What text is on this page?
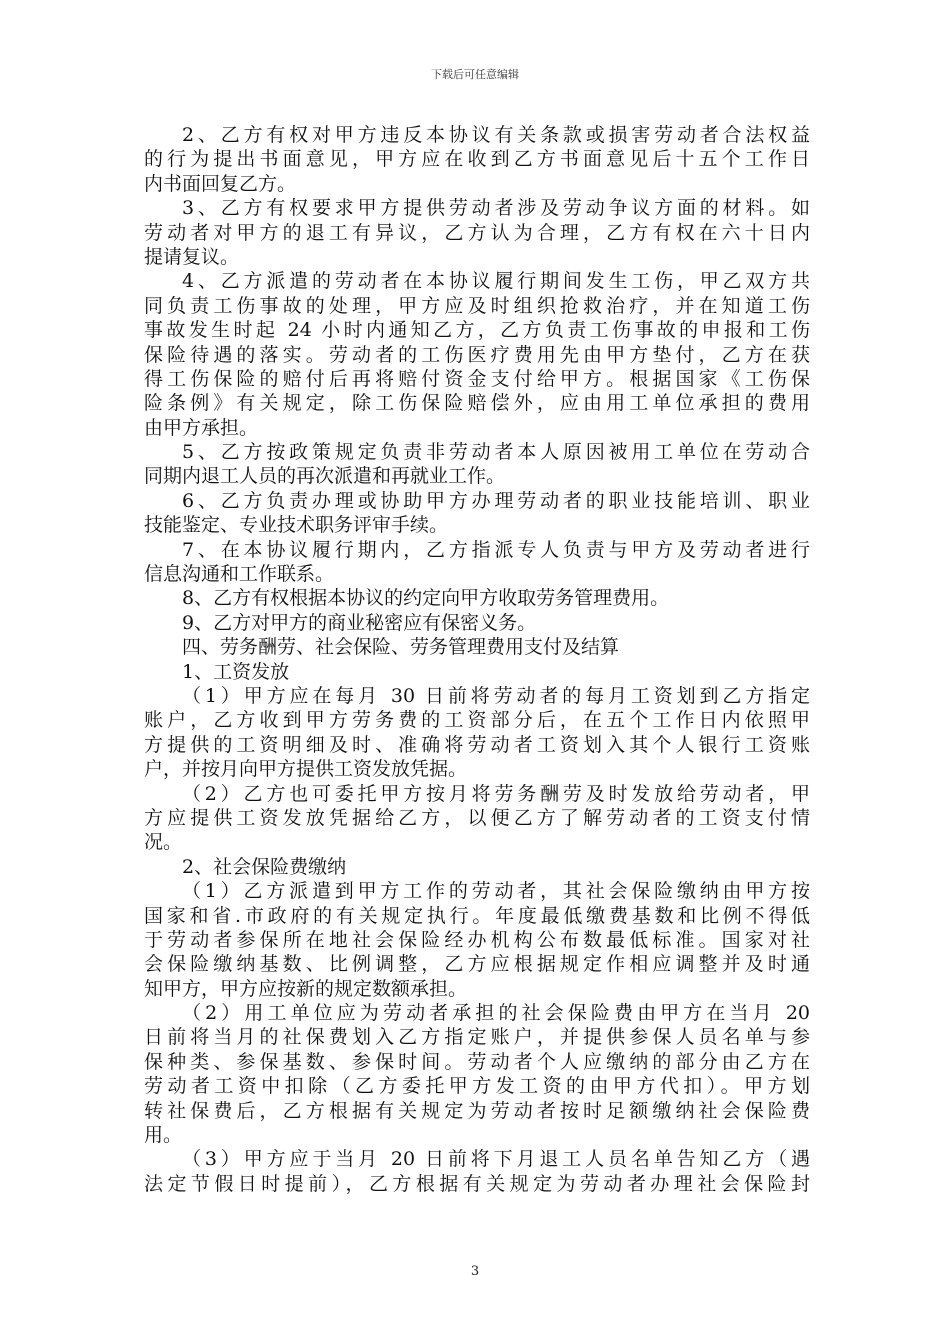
下载后可任意编辑
2、乙方有权对甲方违反本协议有关条款或损害劳动者合法权益
的行为提出书面意见，甲方应在收到乙方书面意见后十五个工作日
内书面回复乙方。
3、乙方有权要求甲方提供劳动者涉及劳动争议方面的材料。如
劳动者对甲方的退工有异议，乙方认为合理，乙方有权在六十日内
提请复议。
4、乙方派遣的劳动者在本协议履行期间发生工伤，甲乙双方共
同负责工伤事故的处理，甲方应及时组织抢救治疗，并在知道工伤
事故发生时起 24 小时内通知乙方，乙方负责工伤事故的申报和工伤
保险待遇的落实。劳动者的工伤医疗费用先由甲方垫付，乙方在获
得工伤保险的赔付后再将赔付资金支付给甲方。根据国家《工伤保
险条例》有关规定，除工伤保险赔偿外，应由用工单位承担的费用
由甲方承担。
5、乙方按政策规定负责非劳动者本人原因被用工单位在劳动合
同期内退工人员的再次派遣和再就业工作。
6、乙方负责办理或协助甲方办理劳动者的职业技能培训、职业
技能鉴定、专业技术职务评审手续。
7、在本协议履行期内，乙方指派专人负责与甲方及劳动者进行
信息沟通和工作联系。
8、乙方有权根据本协议的约定向甲方收取劳务管理费用。
9、乙方对甲方的商业秘密应有保密义务。
四、劳务酬劳、社会保险、劳务管理费用支付及结算
1、工资发放
（1）甲方应在每月 30 日前将劳动者的每月工资划到乙方指定
账户，乙方收到甲方劳务费的工资部分后，在五个工作日内依照甲
方提供的工资明细及时、准确将劳动者工资划入其个人银行工资账
户，并按月向甲方提供工资发放凭据。
（2）乙方也可委托甲方按月将劳务酬劳及时发放给劳动者，甲
方应提供工资发放凭据给乙方，以便乙方了解劳动者的工资支付情
况。
2、社会保险费缴纳
（1）乙方派遣到甲方工作的劳动者，其社会保险缴纳由甲方按
国家和省.市政府的有关规定执行。年度最低缴费基数和比例不得低
于劳动者参保所在地社会保险经办机构公布数最低标准。国家对社
会保险缴纳基数、比例调整，乙方应根据规定作相应调整并及时通
知甲方，甲方应按新的规定数额承担。
（2）用工单位应为劳动者承担的社会保险费由甲方在当月 20
日前将当月的社保费划入乙方指定账户，并提供参保人员名单与参
保种类、参保基数、参保时间。劳动者个人应缴纳的部分由乙方在
劳动者工资中扣除（乙方委托甲方发工资的由甲方代扣）。甲方划
转社保费后，乙方根据有关规定为劳动者按时足额缴纳社会保险费
用。
（3）甲方应于当月 20 日前将下月退工人员名单告知乙方（遇
法定节假日时提前），乙方根据有关规定为劳动者办理社会保险封
3
